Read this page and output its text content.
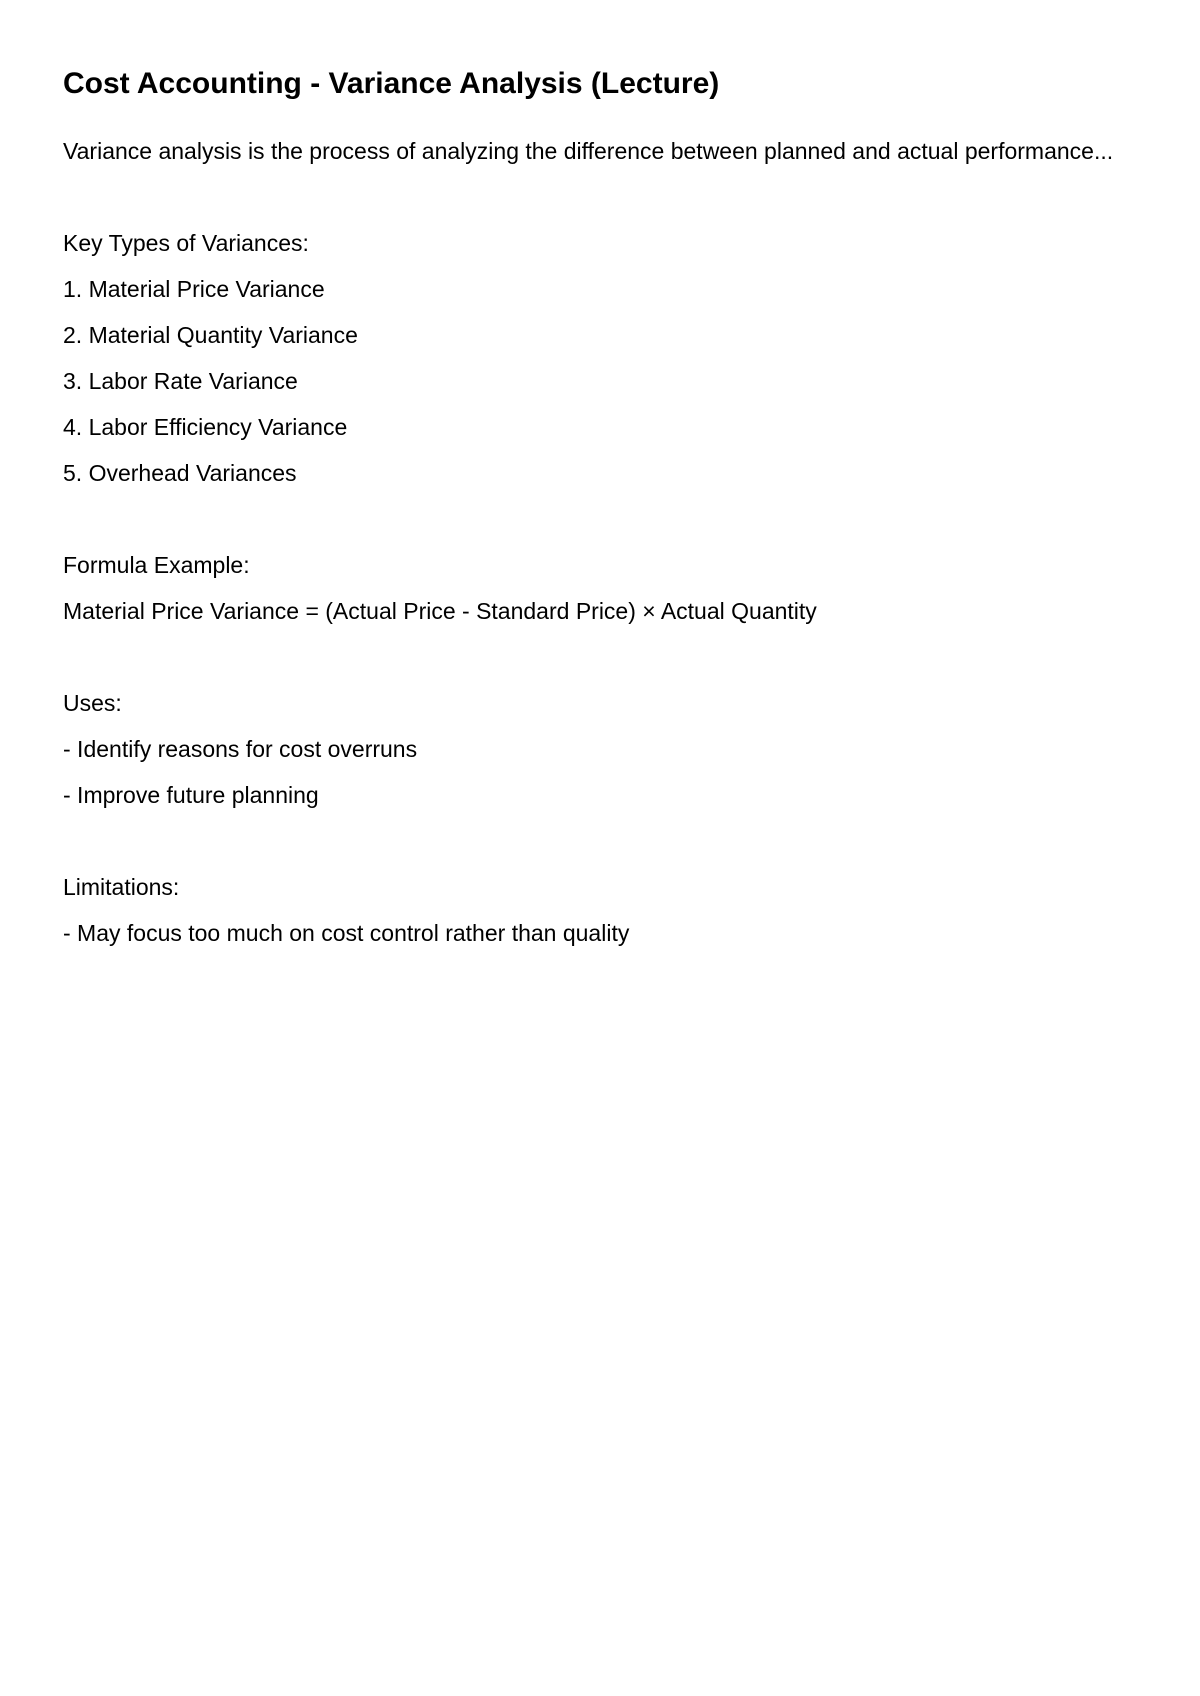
Cost Accounting - Variance Analysis (Lecture)

Variance analysis is the process of analyzing the difference between planned and actual performance...

Key Types of Variances:
1. Material Price Variance
2. Material Quantity Variance
3. Labor Rate Variance
4. Labor Efficiency Variance
5. Overhead Variances
Formula Example:
Material Price Variance = (Actual Price - Standard Price) × Actual Quantity
Uses:
- Identify reasons for cost overruns
- Improve future planning
Limitations:
- May focus too much on cost control rather than quality
